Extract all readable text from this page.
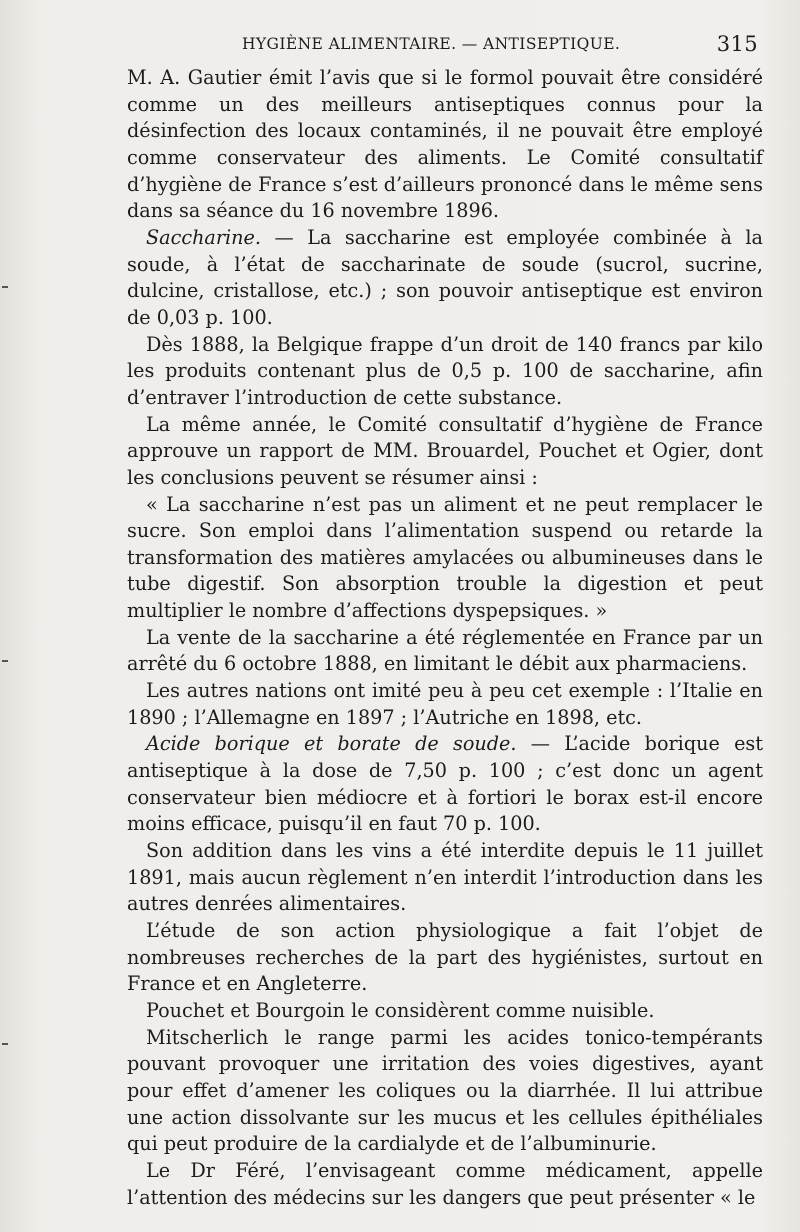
HYGIÈNE ALIMENTAIRE. — ANTISEPTIQUE.	315

M. A. Gautier émit l’avis que si le formol pouvait être considéré comme un des meilleurs antiseptiques connus pour la désinfection des locaux contaminés, il ne pouvait être employé comme conservateur des aliments. Le Comité consultatif d’hygiène de France s’est d’ailleurs prononcé dans le même sens dans sa séance du 16 novembre 1896.

Saccharine. — La saccharine est employée combinée à la soude, à l’état de saccharinate de soude (sucrol, sucrine, dulcine, cristallose, etc.) ; son pouvoir antiseptique est environ de 0,03 p. 100.

Dès 1888, la Belgique frappe d’un droit de 140 francs par kilo les produits contenant plus de 0,5 p. 100 de saccharine, afin d’entraver l’introduction de cette substance.

La même année, le Comité consultatif d’hygiène de France approuve un rapport de MM. Brouardel, Pouchet et Ogier, dont les conclusions peuvent se résumer ainsi :

« La saccharine n’est pas un aliment et ne peut remplacer le sucre. Son emploi dans l’alimentation suspend ou retarde la transformation des matières amylacées ou albumineuses dans le tube digestif. Son absorption trouble la digestion et peut multiplier le nombre d’affections dyspepsiques. »

La vente de la saccharine a été réglementée en France par un arrêté du 6 octobre 1888, en limitant le débit aux pharmaciens.

Les autres nations ont imité peu à peu cet exemple : l’Italie en 1890 ; l’Allemagne en 1897 ; l’Autriche en 1898, etc.

Acide borique et borate de soude. — L’acide borique est antiseptique à la dose de 7,50 p. 100 ; c’est donc un agent conservateur bien médiocre et à fortiori le borax est-il encore moins efficace, puisqu’il en faut 70 p. 100.

Son addition dans les vins a été interdite depuis le 11 juillet 1891, mais aucun règlement n’en interdit l’introduction dans les autres denrées alimentaires.

L’étude de son action physiologique a fait l’objet de nombreuses recherches de la part des hygiénistes, surtout en France et en Angleterre.

Pouchet et Bourgoin le considèrent comme nuisible.

Mitscherlich le range parmi les acides tonico-tempérants pouvant provoquer une irritation des voies digestives, ayant pour effet d’amener les coliques ou la diarrhée. Il lui attribue une action dissolvante sur les mucus et les cellules épithéliales qui peut produire de la cardialyde et de l’albuminurie.

Le Dr Féré, l’envisageant comme médicament, appelle l’attention des médecins sur les dangers que peut présenter « le
